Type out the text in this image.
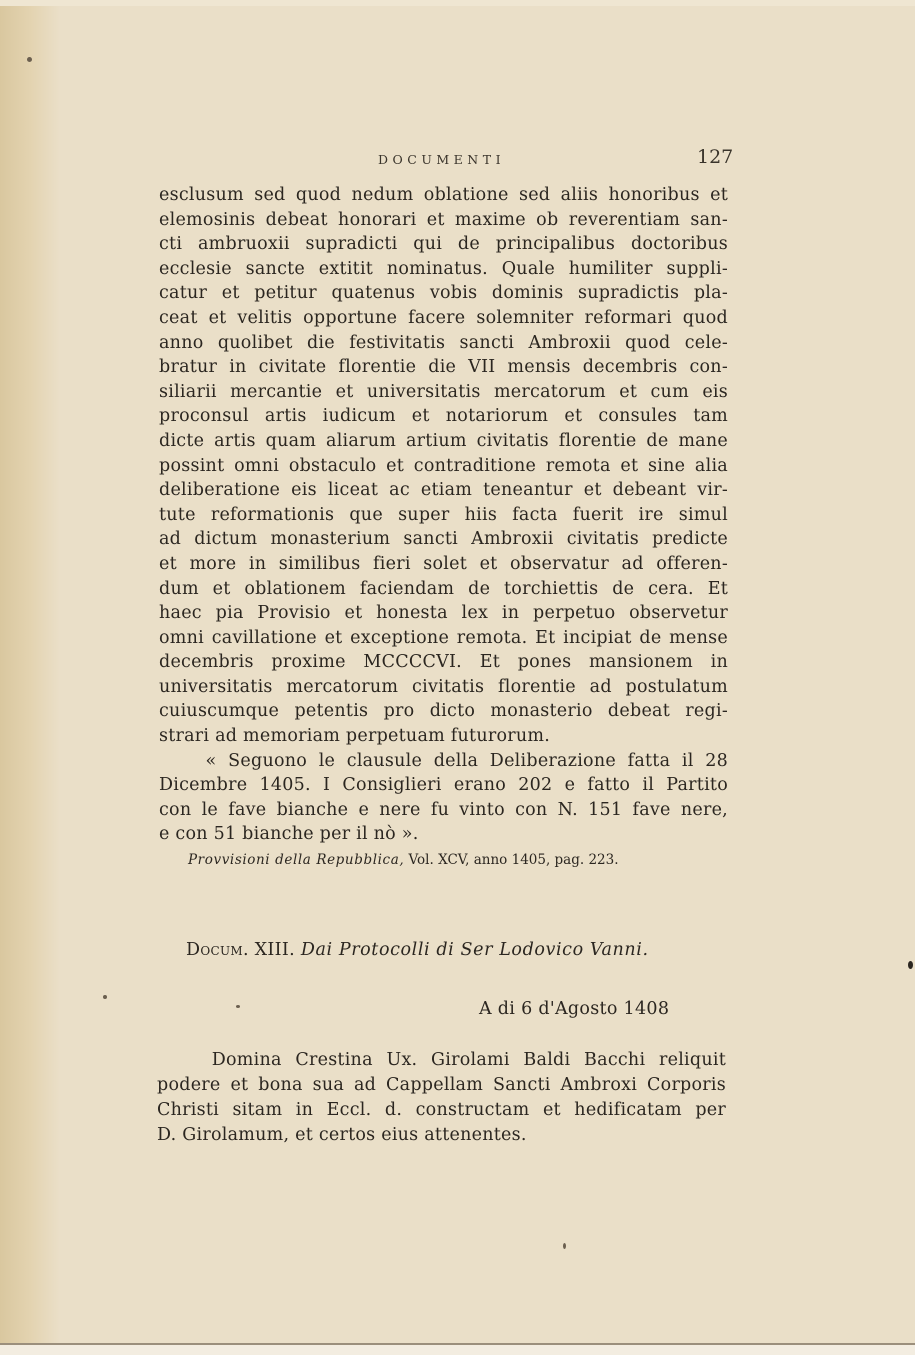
DOCUMENTI	127
esclusum sed quod nedum oblatione sed aliis honoribus et
elemosinis debeat honorari et maxime ob reverentiam san-
cti ambruoxii supradicti qui de principalibus doctoribus
ecclesie sancte extitit nominatus. Quale humiliter suppli-
catur et petitur quatenus vobis dominis supradictis pla-
ceat et velitis opportune facere solemniter reformari quod
anno quolibet die festivitatis sancti Ambroxii quod cele-
bratur in civitate florentie die VII mensis decembris con-
siliarii mercantie et universitatis mercatorum et cum eis
proconsul artis iudicum et notariorum et consules tam
dicte artis quam aliarum artium civitatis florentie de mane
possint omni obstaculo et contraditione remota et sine alia
deliberatione eis liceat ac etiam teneantur et debeant vir-
tute reformationis que super hiis facta fuerit ire simul
ad dictum monasterium sancti Ambroxii civitatis predicte
et more in similibus fieri solet et observatur ad offeren-
dum et oblationem faciendam de torchiettis de cera. Et
haec pia Provisio et honesta lex in perpetuo observetur
omni cavillatione et exceptione remota. Et incipiat de mense
decembris proxime MCCCCVI. Et pones mansionem in
universitatis mercatorum civitatis florentie ad postulatum
cuiuscumque petentis pro dicto monasterio debeat regi-
strari ad memoriam perpetuam futurorum.
« Seguono le clausule della Deliberazione fatta il 28
Dicembre 1405. I Consiglieri erano 202 e fatto il Partito
con le fave bianche e nere fu vinto con N. 151 fave nere,
e con 51 bianche per il nò ».
Provvisioni della Repubblica, Vol. XCV, anno 1405, pag. 223.
Docum. XIII. Dai Protocolli di Ser Lodovico Vanni.
A di 6 d'Agosto 1408
Domina Crestina Ux. Girolami Baldi Bacchi reliquit
podere et bona sua ad Cappellam Sancti Ambroxi Corporis
Christi sitam in Eccl. d. constructam et hedificatam per
D. Girolamum, et certos eius attenentes.
